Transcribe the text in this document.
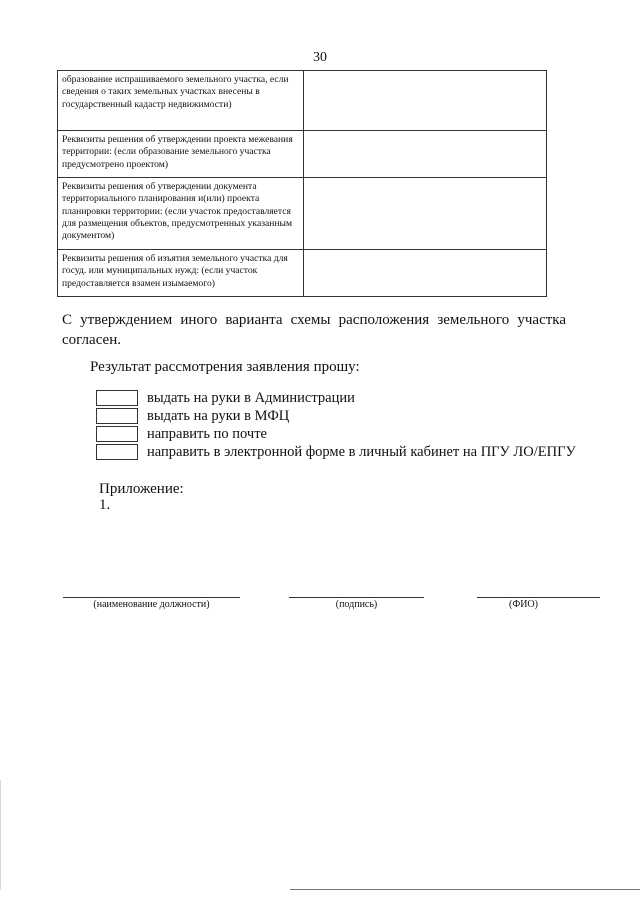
30
образование испрашиваемого земельного участка, если сведения о таких земельных участках внесены в государственный кадастр недвижимости)	
Реквизиты решения об утверждении проекта межевания территории: (если образование земельного участка предусмотрено проектом)	
Реквизиты решения об утверждении документа территориального планирования и(или) проекта планировки территории: (если участок предоставляется для размещения объектов, предусмотренных указанным документом)	
Реквизиты решения об изъятия земельного участка для госуд. или муниципальных нужд: (если участок предоставляется взамен изымаемого)	
С утверждением иного варианта схемы расположения земельного участка
согласен.
Результат рассмотрения заявления прошу:
выдать на руки в Администрации
выдать на руки в МФЦ
направить по почте
направить в электронной форме в личный кабинет на ПГУ ЛО/ЕПГУ
Приложение:
1.
(наименование должности)	(подпись)	(ФИО)
